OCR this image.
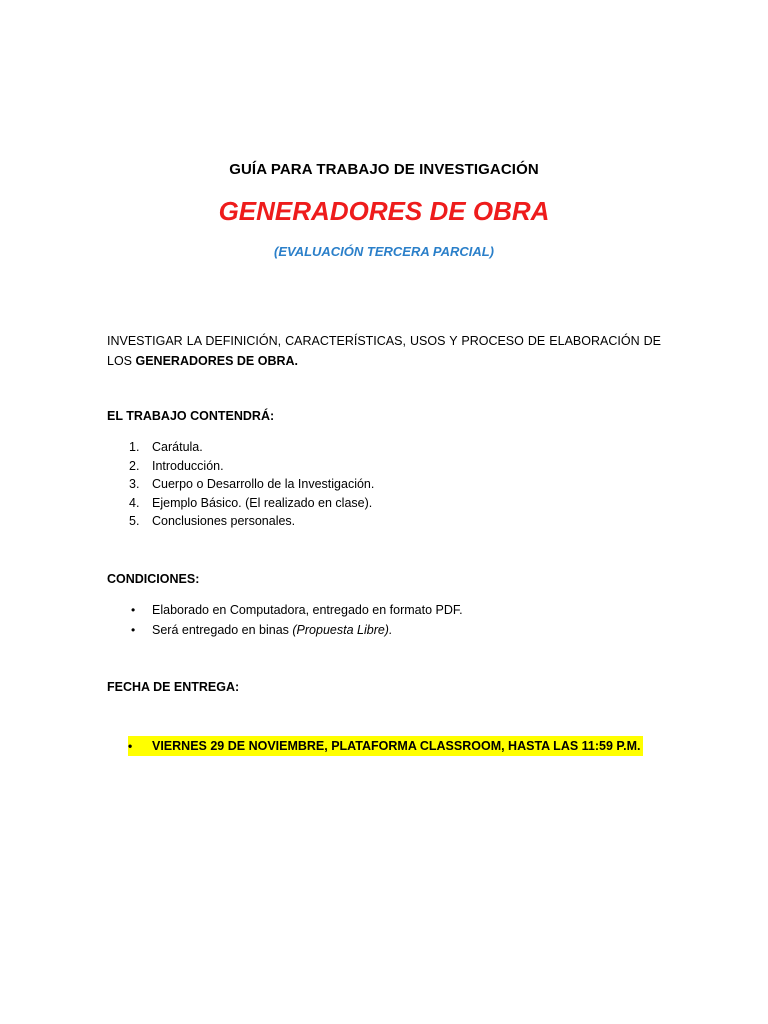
GUÍA PARA TRABAJO DE INVESTIGACIÓN
GENERADORES DE OBRA
(EVALUACIÓN TERCERA PARCIAL)
INVESTIGAR LA DEFINICIÓN, CARACTERÍSTICAS, USOS Y PROCESO DE ELABORACIÓN DE LOS GENERADORES DE OBRA.
EL TRABAJO CONTENDRÁ:
1. Carátula.
2. Introducción.
3. Cuerpo o Desarrollo de la Investigación.
4. Ejemplo Básico. (El realizado en clase).
5. Conclusiones personales.
CONDICIONES:
• Elaborado en Computadora, entregado en formato PDF.
• Será entregado en binas (Propuesta Libre).
FECHA DE ENTREGA:
• VIERNES 29 DE NOVIEMBRE, PLATAFORMA CLASSROOM, HASTA LAS 11:59 P.M.
